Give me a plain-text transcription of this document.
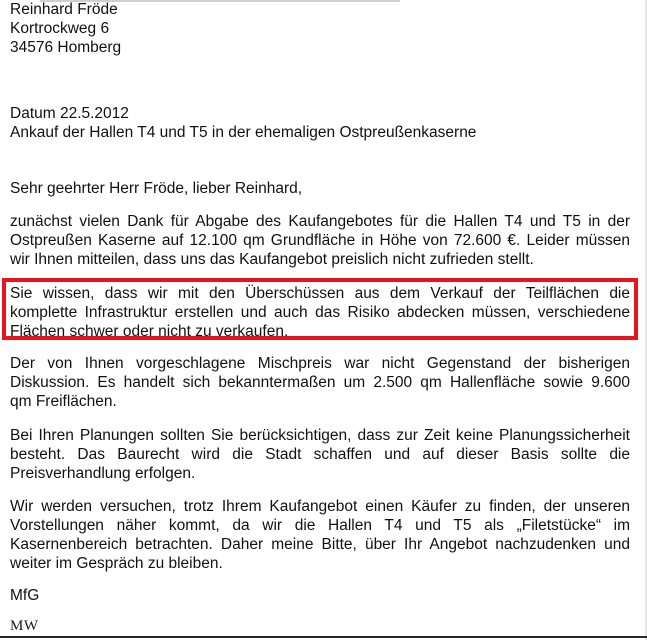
Reinhard Fröde
Kortrockweg 6
34576 Homberg
Datum 22.5.2012
Ankauf der Hallen T4 und T5 in der ehemaligen Ostpreußenkaserne
Sehr geehrter Herr Fröde, lieber Reinhard,
zunächst vielen Dank für Abgabe des Kaufangebotes für die Hallen T4 und T5 in der
Ostpreußen Kaserne auf 12.100 qm Grundfläche in Höhe von 72.600 €. Leider müssen
wir Ihnen mitteilen, dass uns das Kaufangebot preislich nicht zufrieden stellt.
Sie wissen, dass wir mit den Überschüssen aus dem Verkauf der Teilflächen die
komplette Infrastruktur erstellen und auch das Risiko abdecken müssen, verschiedene
Flächen schwer oder nicht zu verkaufen.
Der von Ihnen vorgeschlagene Mischpreis war nicht Gegenstand der bisherigen
Diskussion. Es handelt sich bekanntermaßen um 2.500 qm Hallenfläche sowie 9.600
qm Freiflächen.
Bei Ihren Planungen sollten Sie berücksichtigen, dass zur Zeit keine Planungssicherheit
besteht. Das Baurecht wird die Stadt schaffen und auf dieser Basis sollte die
Preisverhandlung erfolgen.
Wir werden versuchen, trotz Ihrem Kaufangebot einen Käufer zu finden, der unseren
Vorstellungen näher kommt, da wir die Hallen T4 und T5 als „Filetstücke“ im
Kasernenbereich betrachten. Daher meine Bitte, über Ihr Angebot nachzudenken und
weiter im Gespräch zu bleiben.
MfG
MW
